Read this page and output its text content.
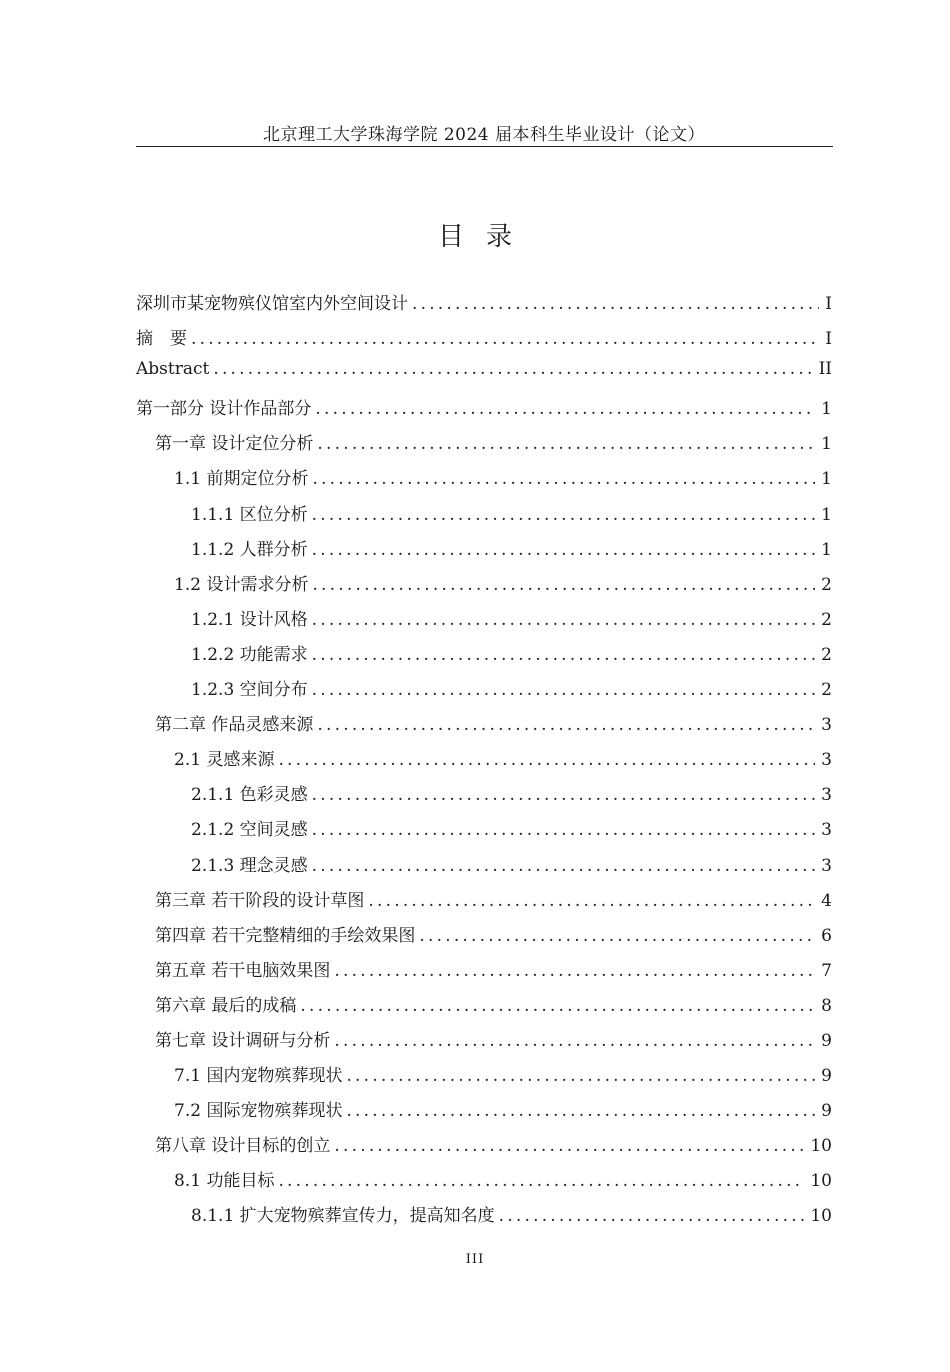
北京理工大学珠海学院 2024 届本科生毕业设计（论文）
目录
深圳市某宠物殡仪馆室内外空间设计 .....	I
摘　要 .....	I
Abstract .....	II
第一部分 设计作品部分 .....	1
第一章 设计定位分析 .....	1
1.1 前期定位分析 .....	1
1.1.1 区位分析 .....	1
1.1.2 人群分析 .....	1
1.2 设计需求分析 .....	2
1.2.1 设计风格 .....	2
1.2.2 功能需求 .....	2
1.2.3 空间分布 .....	2
第二章 作品灵感来源 .....	3
2.1 灵感来源 .....	3
2.1.1 色彩灵感 .....	3
2.1.2 空间灵感 .....	3
2.1.3 理念灵感 .....	3
第三章 若干阶段的设计草图 .....	4
第四章 若干完整精细的手绘效果图 .....	6
第五章 若干电脑效果图 .....	7
第六章 最后的成稿 .....	8
第七章 设计调研与分析 .....	9
7.1 国内宠物殡葬现状 .....	9
7.2 国际宠物殡葬现状 .....	9
第八章 设计目标的创立 .....	10
8.1 功能目标 .....	10
8.1.1 扩大宠物殡葬宣传力，提高知名度 .....	10
III
